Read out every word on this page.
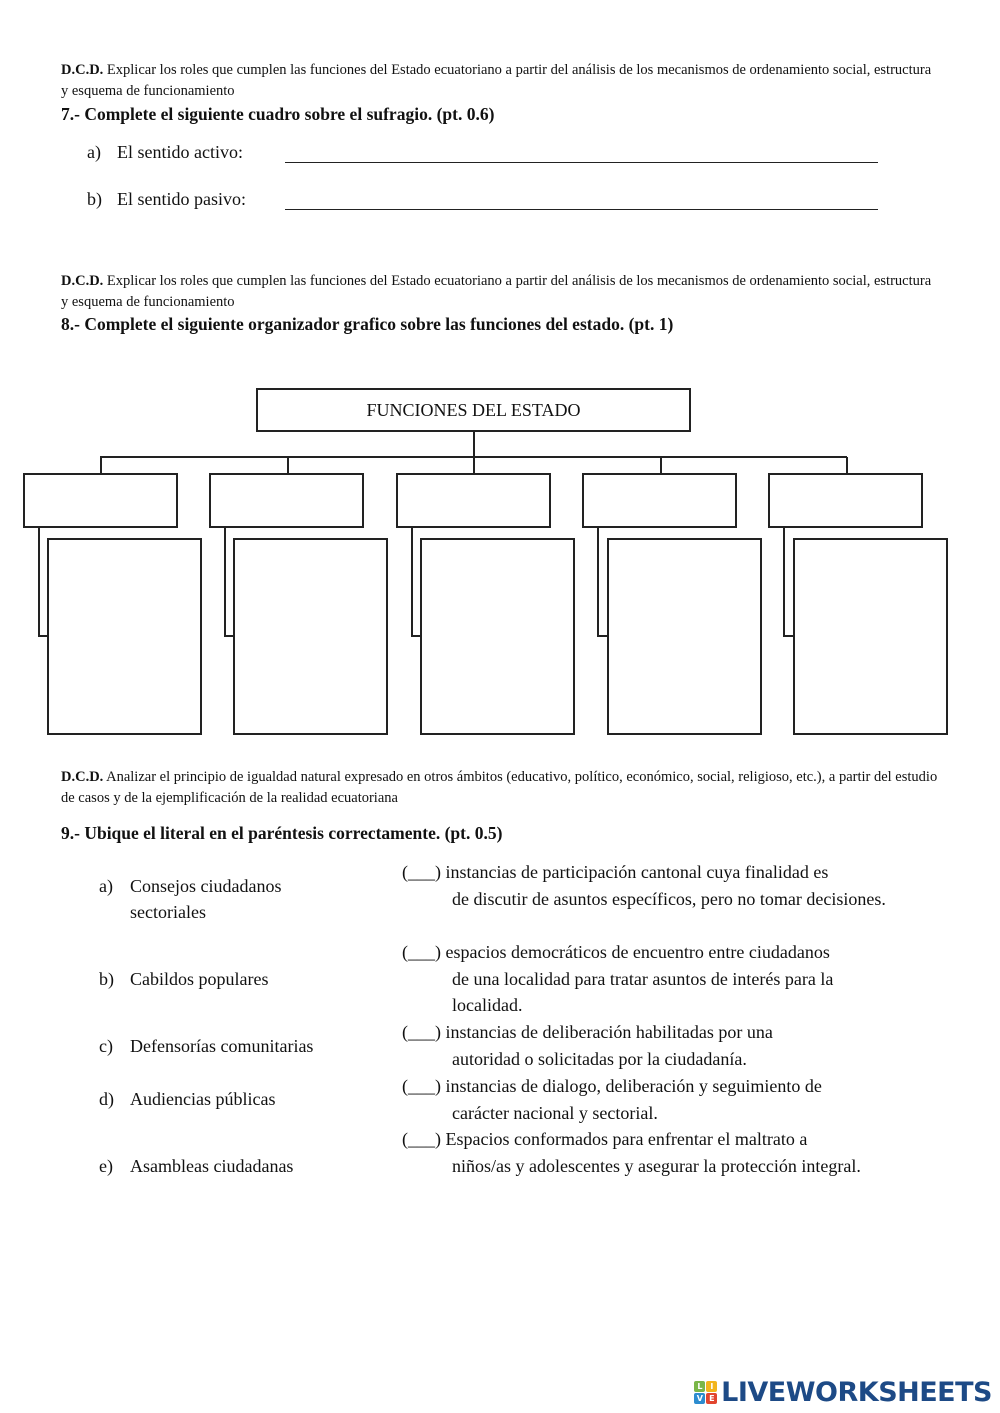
D.C.D. Explicar los roles que cumplen las funciones del Estado ecuatoriano a partir del análisis de los mecanismos de ordenamiento social, estructura y esquema de funcionamiento
7.- Complete el siguiente cuadro sobre el sufragio. (pt. 0.6)
a) El sentido activo:
b) El sentido pasivo:
D.C.D. Explicar los roles que cumplen las funciones del Estado ecuatoriano a partir del análisis de los mecanismos de ordenamiento social, estructura y esquema de funcionamiento
8.- Complete el siguiente organizador grafico sobre las funciones del estado. (pt. 1)
FUNCIONES DEL ESTADO
D.C.D. Analizar el principio de igualdad natural expresado en otros ámbitos (educativo, político, económico, social, religioso, etc.), a partir del estudio de casos y de la ejemplificación de la realidad ecuatoriana
9.- Ubique el literal en el paréntesis correctamente. (pt. 0.5)
a) Consejos ciudadanos sectoriales
(___) instancias de participación cantonal cuya finalidad es
de discutir de asuntos específicos, pero no tomar decisiones.
b) Cabildos populares
(___) espacios democráticos de encuentro entre ciudadanos
de una localidad para tratar asuntos de interés para la localidad.
c) Defensorías comunitarias
(___) instancias de deliberación habilitadas por una
autoridad o solicitadas por la ciudadanía.
d) Audiencias públicas
(___) instancias de dialogo, deliberación y seguimiento de
carácter nacional y sectorial.
e) Asambleas ciudadanas
(___) Espacios conformados para enfrentar el maltrato a
niños/as y adolescentes y asegurar la protección integral.
L	I
V E LIVEWORKSHEETS
